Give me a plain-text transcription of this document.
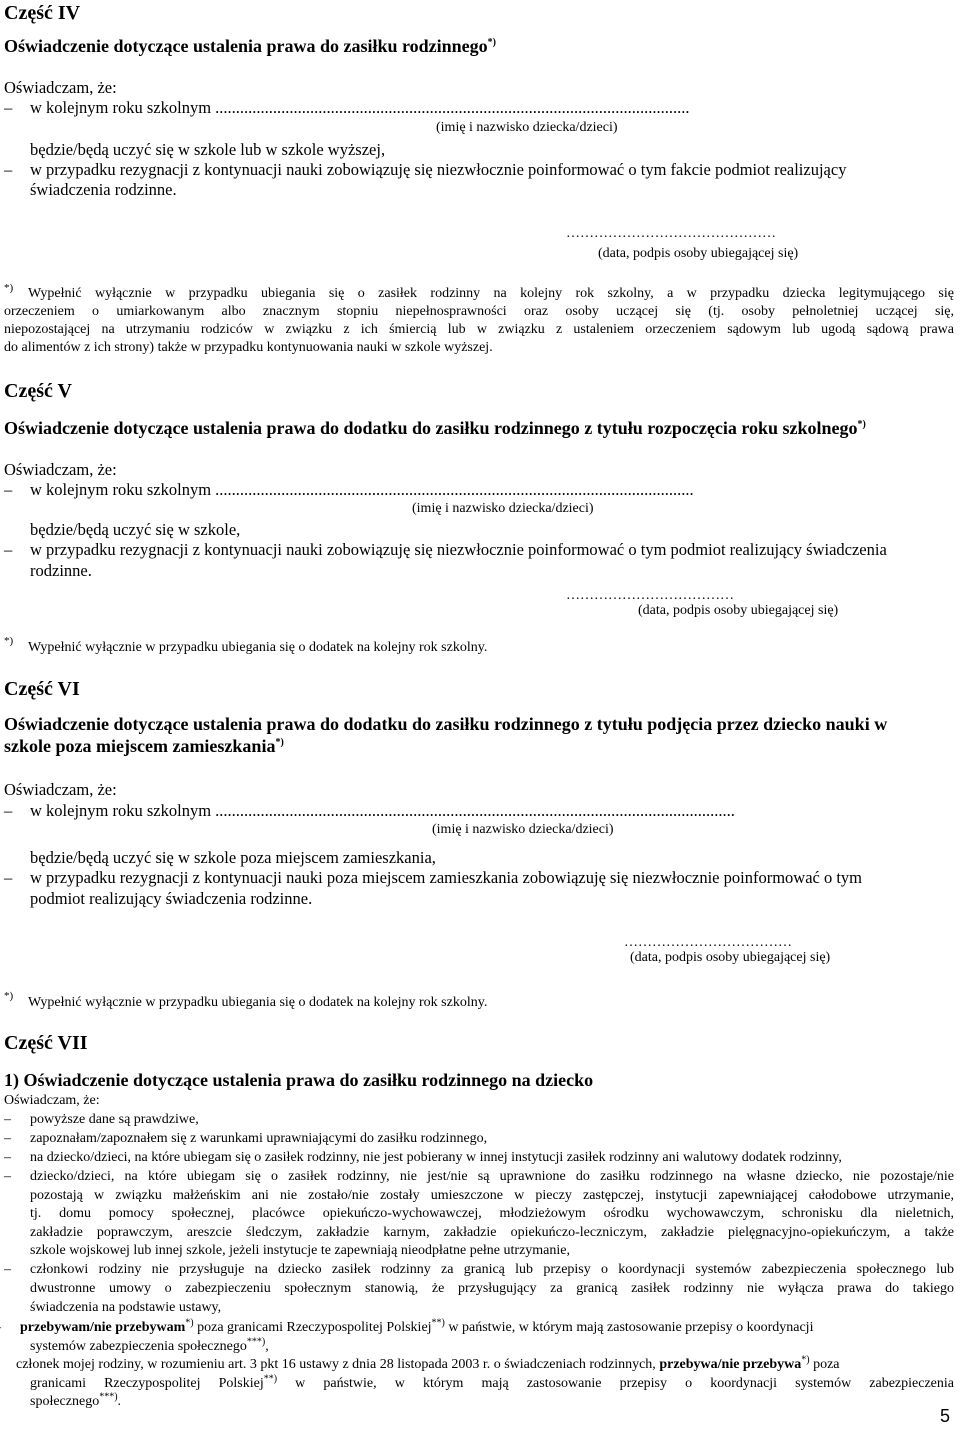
Część IV
Oświadczenie dotyczące ustalenia prawa do zasiłku rodzinnego*)
Oświadczam, że:
– w kolejnym roku szkolnym ...................................................................................................................
(imię i nazwisko dziecka/dzieci)
będzie/będą uczyć się w szkole lub w szkole wyższej,
– w przypadku rezygnacji z kontynuacji nauki zobowiązuję się niezwłocznie poinformować o tym fakcie podmiot realizujący
świadczenia rodzinne.
………………………………………
(data, podpis osoby ubiegającej się)
*) Wypełnić wyłącznie w przypadku ubiegania się o zasiłek rodzinny na kolejny rok szkolny, a w przypadku dziecka legitymującego się
orzeczeniem o umiarkowanym albo znacznym stopniu niepełnosprawności oraz osoby uczącej się (tj. osoby pełnoletniej uczącej się,
niepozostającej na utrzymaniu rodziców w związku z ich śmiercią lub w związku z ustaleniem orzeczeniem sądowym lub ugodą sądową prawa
do alimentów z ich strony) także w przypadku kontynuowania nauki w szkole wyższej.
Część V
Oświadczenie dotyczące ustalenia prawa do dodatku do zasiłku rodzinnego z tytułu rozpoczęcia roku szkolnego*)
Oświadczam, że:
– w kolejnym roku szkolnym ....................................................................................................................
(imię i nazwisko dziecka/dzieci)
będzie/będą uczyć się w szkole,
– w przypadku rezygnacji z kontynuacji nauki zobowiązuję się niezwłocznie poinformować o tym podmiot realizujący świadczenia
rodzinne.
………………………………
(data, podpis osoby ubiegającej się)
*) Wypełnić wyłącznie w przypadku ubiegania się o dodatek na kolejny rok szkolny.
Część VI
Oświadczenie dotyczące ustalenia prawa do dodatku do zasiłku rodzinnego z tytułu podjęcia przez dziecko nauki w
szkole poza miejscem zamieszkania*)
Oświadczam, że:
– w kolejnym roku szkolnym ..............................................................................................................................
(imię i nazwisko dziecka/dzieci)
będzie/będą uczyć się w szkole poza miejscem zamieszkania,
– w przypadku rezygnacji z kontynuacji nauki poza miejscem zamieszkania zobowiązuję się niezwłocznie poinformować o tym
podmiot realizujący świadczenia rodzinne.
………………………………
(data, podpis osoby ubiegającej się)
*) Wypełnić wyłącznie w przypadku ubiegania się o dodatek na kolejny rok szkolny.
Część VII
1) Oświadczenie dotyczące ustalenia prawa do zasiłku rodzinnego na dziecko
Oświadczam, że:
– powyższe dane są prawdziwe,
– zapoznałam/zapoznałem się z warunkami uprawniającymi do zasiłku rodzinnego,
– na dziecko/dzieci, na które ubiegam się o zasiłek rodzinny, nie jest pobierany w innej instytucji zasiłek rodzinny ani walutowy dodatek rodzinny,
– dziecko/dzieci, na które ubiegam się o zasiłek rodzinny, nie jest/nie są uprawnione do zasiłku rodzinnego na własne dziecko, nie pozostaje/nie
pozostają w związku małżeńskim ani nie zostało/nie zostały umieszczone w pieczy zastępczej, instytucji zapewniającej całodobowe utrzymanie,
tj. domu pomocy społecznej, placówce opiekuńczo-wychowawczej, młodzieżowym ośrodku wychowawczym, schronisku dla nieletnich,
zakładzie poprawczym, areszcie śledczym, zakładzie karnym, zakładzie opiekuńczo-leczniczym, zakładzie pielęgnacyjno-opiekuńczym, a także
szkole wojskowej lub innej szkole, jeżeli instytucje te zapewniają nieodpłatne pełne utrzymanie,
– członkowi rodziny nie przysługuje na dziecko zasiłek rodzinny za granicą lub przepisy o koordynacji systemów zabezpieczenia społecznego lub
dwustronne umowy o zabezpieczeniu społecznym stanowią, że przysługujący za granicą zasiłek rodzinny nie wyłącza prawa do takiego
świadczenia na podstawie ustawy,
– przebywam/nie przebywam*) poza granicami Rzeczypospolitej Polskiej**) w państwie, w którym mają zastosowanie przepisy o koordynacji
systemów zabezpieczenia społecznego***),
– członek mojej rodziny, w rozumieniu art. 3 pkt 16 ustawy z dnia 28 listopada 2003 r. o świadczeniach rodzinnych, przebywa/nie przebywa*) poza
granicami Rzeczypospolitej Polskiej**) w państwie, w którym mają zastosowanie przepisy o koordynacji systemów zabezpieczenia
społecznego***).
5
